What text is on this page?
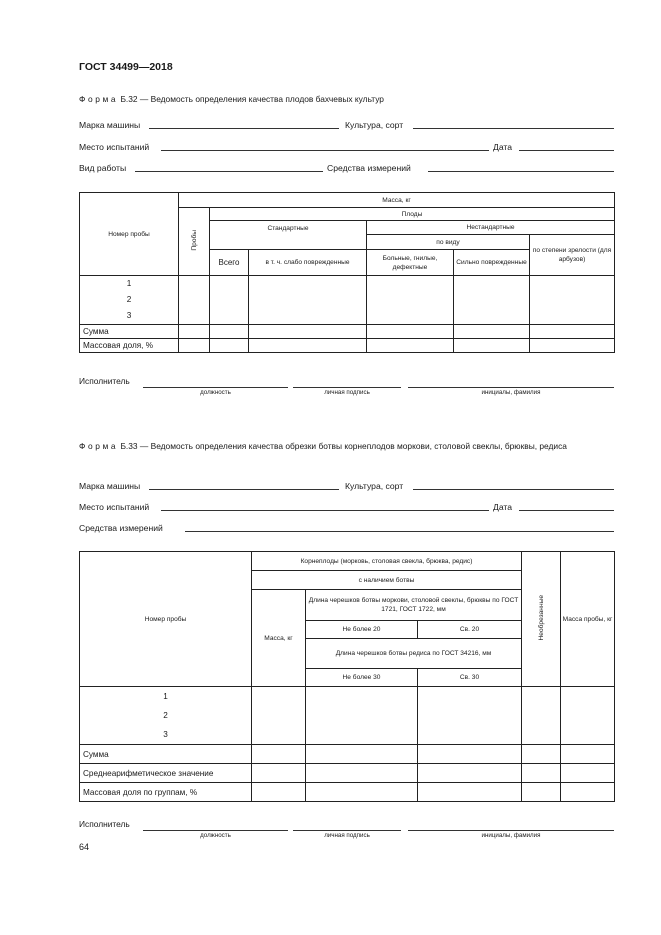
ГОСТ 34499—2018
Форма Б.32 — Ведомость определения качества плодов бахчевых культур
Марка машины	Культура, сорт
Место испытаний	Дата
Вид работы	Средства измерений
Номер пробы	Масса, кг					
	Пробы	Плоды				
		Стандартные		Нестандартные		
				по виду		по степени зрелости (для арбузов)
		Всего	в т. ч. слабо поврежденные	Больные, гнилые, дефектные	Сильно поврежденные	

1
2
3						

Сумма						
Массовая доля, %						
Исполнитель
должность	личная подпись	инициалы, фамилия
Форма Б.33 — Ведомость определения качества обрезки ботвы корнеплодов моркови, столовой свеклы, брюквы, редиса
Марка машины	Культура, сорт
Место испытаний	Дата
Средства измерений
Номер пробы	Корнеплоды (морковь, столовая свекла, брюква, редис)			Необрезанные	Масса пробы, кг
	с наличием ботвы				
	Масса, кг	Длина черешков ботвы моркови, столовой свеклы, брюквы по ГОСТ 1721, ГОСТ 1722, мм			
		Не более 20	Св. 20		
		Длина черешков ботвы редиса по ГОСТ 34216, мм			
		Не более 30	Св. 30		

1
2
3					

Сумма					
Среднеарифметическое значение					
Массовая доля по группам, %					
Исполнитель
должность	личная подпись	инициалы, фамилия
64
